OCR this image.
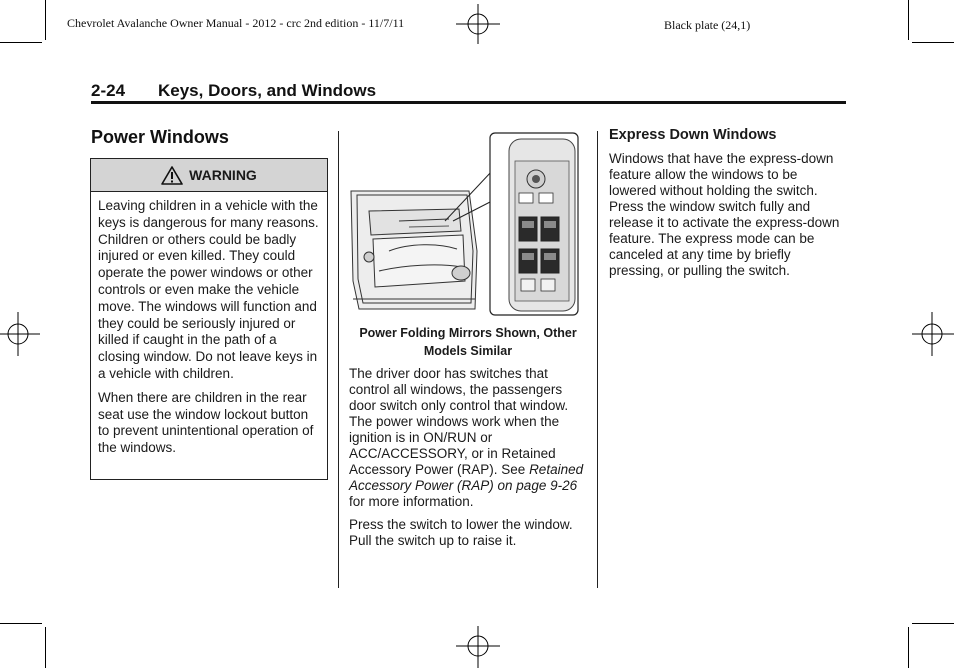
Chevrolet Avalanche Owner Manual - 2012 - crc 2nd edition - 11/7/11	Black plate (24,1)
2-24 Keys, Doors, and Windows
Power Windows
WARNING

Leaving children in a vehicle with the keys is dangerous for many reasons. Children or others could be badly injured or even killed. They could operate the power windows or other controls or even make the vehicle move. The windows will function and they could be seriously injured or killed if caught in the path of a closing window. Do not leave keys in a vehicle with children.

When there are children in the rear seat use the window lockout button to prevent unintentional operation of the windows.

Power Folding Mirrors Shown, Other Models Similar

The driver door has switches that control all windows, the passengers door switch only control that window. The power windows work when the ignition is in ON/RUN or ACC/ACCESSORY, or in Retained Accessory Power (RAP). See Retained Accessory Power (RAP) on page 9-26 for more information.

Press the switch to lower the window. Pull the switch up to raise it.

Express Down Windows
Windows that have the express-down feature allow the windows to be lowered without holding the switch. Press the window switch fully and release it to activate the express-down feature. The express mode can be canceled at any time by briefly pressing, or pulling the switch.
